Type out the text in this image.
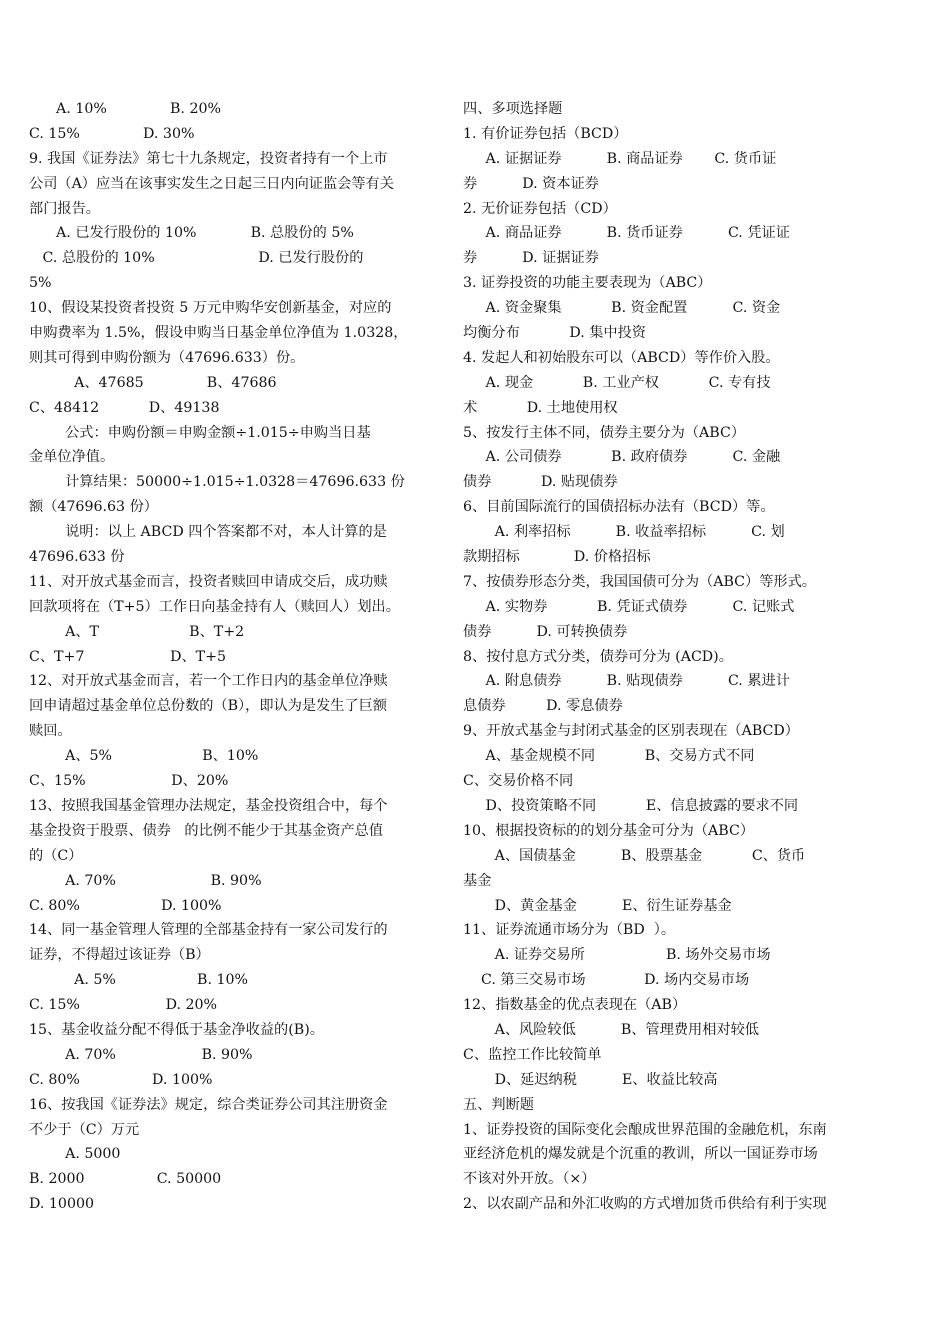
A. 10%              B. 20%
C. 15%              D. 30%
9. 我国《证券法》第七十九条规定，投资者持有一个上市
公司（A）应当在该事实发生之日起三日内向证监会等有关
部门报告。
A. 已发行股份的 10%            B. 总股份的 5%
C. 总股份的 10%                       D. 已发行股份的
5%
10、假设某投资者投资 5 万元申购华安创新基金，对应的
申购费率为 1.5%，假设申购当日基金单位净值为 1.0328，
则其可得到申购份额为（47696.633）份。
A、47685              B、47686
C、48412           D、49138
公式：申购份额＝申购金额÷1.015÷申购当日基
金单位净值。
计算结果：50000÷1.015÷1.0328＝47696.633 份
额（47696.63 份）
说明：以上 ABCD 四个答案都不对，本人计算的是
47696.633 份
11、对开放式基金而言，投资者赎回申请成交后，成功赎
回款项将在（T+5）工作日向基金持有人（赎回人）划出。
A、T                    B、T+2
C、T+7                   D、T+5
12、对开放式基金而言，若一个工作日内的基金单位净赎
回申请超过基金单位总份数的（B），即认为是发生了巨额
赎回。
A、5%                    B、10%
C、15%                   D、20%
13、按照我国基金管理办法规定，基金投资组合中，每个
基金投资于股票、债券   的比例不能少于其基金资产总值
的（C）
A. 70%                     B. 90%
C. 80%                  D. 100%
14、同一基金管理人管理的全部基金持有一家公司发行的
证券，不得超过该证券（B）
A. 5%                  B. 10%
C. 15%                   D. 20%
15、基金收益分配不得低于基金净收益的(B)。
A. 70%                   B. 90%
C. 80%                D. 100%
16、按我国《证券法》规定，综合类证券公司其注册资金
不少于（C）万元
A. 5000
B. 2000                C. 50000
D. 10000
四、多项选择题
1. 有价证券包括（BCD）
A. 证据证券          B. 商品证券       C. 货币证
券          D. 资本证券
2. 无价证券包括（CD）
A. 商品证券          B. 货币证券          C. 凭证证
券          D. 证据证券
3. 证券投资的功能主要表现为（ABC）
A. 资金聚集           B. 资金配置          C. 资金
均衡分布           D. 集中投资
4. 发起人和初始股东可以（ABCD）等作价入股。
A. 现金           B. 工业产权           C. 专有技
术           D. 土地使用权
5、按发行主体不同，债券主要分为（ABC）
A. 公司债券           B. 政府债券          C. 金融
债券           D. 贴现债券
6、目前国际流行的国债招标办法有（BCD）等。
A. 利率招标          B. 收益率招标          C. 划
款期招标            D. 价格招标
7、按债券形态分类，我国国债可分为（ABC）等形式。
A. 实物券           B. 凭证式债券          C. 记账式
债券          D. 可转换债券
8、按付息方式分类，债券可分为 (ACD)。
A. 附息债券          B. 贴现债券          C. 累进计
息债券         D. 零息债券
9、开放式基金与封闭式基金的区别表现在（ABCD）
A、基金规模不同           B、交易方式不同
C、交易价格不同
D、投资策略不同           E、信息披露的要求不同
10、根据投资标的的划分基金可分为（ABC）
A、国债基金          B、股票基金           C、货币
基金
D、黄金基金          E、衍生证券基金
11、证券流通市场分为（BD  ）。
A. 证券交易所                  B. 场外交易市场
C. 第三交易市场             D. 场内交易市场
12、指数基金的优点表现在（AB）
A、风险较低          B、管理费用相对较低
C、监控工作比较简单
D、延迟纳税          E、收益比较高
五、判断题
1、证券投资的国际变化会酿成世界范围的金融危机，东南
亚经济危机的爆发就是个沉重的教训，所以一国证券市场
不该对外开放。（×）
2、以农副产品和外汇收购的方式增加货币供给有利于实现
